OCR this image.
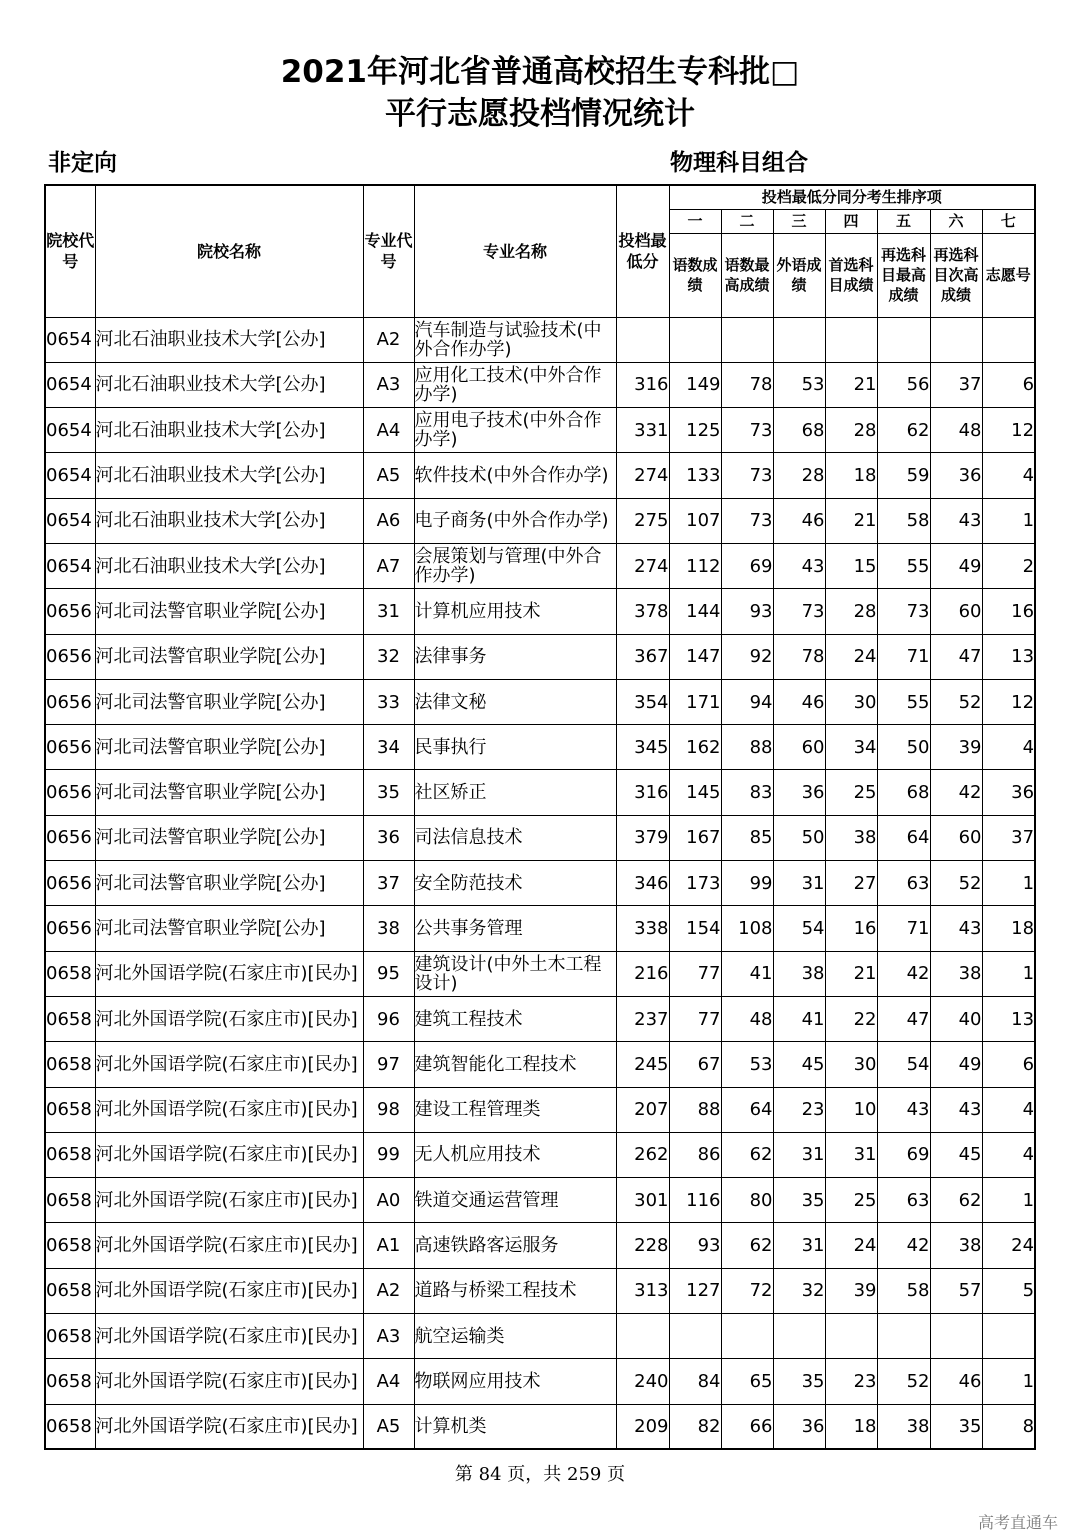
2021年河北省普通高校招生专科批□
平行志愿投档情况统计
非定向	物理科目组合
院校代号	院校名称	专业代号	专业名称	投档最低分	投档最低分同分考生排序项						
					一	二	三	四	五	六	七
					语数成绩	语数最高成绩	外语成绩	首选科目成绩	再选科目最高成绩	再选科目次高成绩	志愿号
0654	河北石油职业技术大学[公办]	A2	汽车制造与试验技术(中外合作办学)								
0654	河北石油职业技术大学[公办]	A3	应用化工技术(中外合作办学)	316	149	78	53	21	56	37	6
0654	河北石油职业技术大学[公办]	A4	应用电子技术(中外合作办学)	331	125	73	68	28	62	48	12
0654	河北石油职业技术大学[公办]	A5	软件技术(中外合作办学)	274	133	73	28	18	59	36	4
0654	河北石油职业技术大学[公办]	A6	电子商务(中外合作办学)	275	107	73	46	21	58	43	1
0654	河北石油职业技术大学[公办]	A7	会展策划与管理(中外合作办学)	274	112	69	43	15	55	49	2
0656	河北司法警官职业学院[公办]	31	计算机应用技术	378	144	93	73	28	73	60	16
0656	河北司法警官职业学院[公办]	32	法律事务	367	147	92	78	24	71	47	13
0656	河北司法警官职业学院[公办]	33	法律文秘	354	171	94	46	30	55	52	12
0656	河北司法警官职业学院[公办]	34	民事执行	345	162	88	60	34	50	39	4
0656	河北司法警官职业学院[公办]	35	社区矫正	316	145	83	36	25	68	42	36
0656	河北司法警官职业学院[公办]	36	司法信息技术	379	167	85	50	38	64	60	37
0656	河北司法警官职业学院[公办]	37	安全防范技术	346	173	99	31	27	63	52	1
0656	河北司法警官职业学院[公办]	38	公共事务管理	338	154	108	54	16	71	43	18
0658	河北外国语学院(石家庄市)[民办]	95	建筑设计(中外土木工程设计)	216	77	41	38	21	42	38	1
0658	河北外国语学院(石家庄市)[民办]	96	建筑工程技术	237	77	48	41	22	47	40	13
0658	河北外国语学院(石家庄市)[民办]	97	建筑智能化工程技术	245	67	53	45	30	54	49	6
0658	河北外国语学院(石家庄市)[民办]	98	建设工程管理类	207	88	64	23	10	43	43	4
0658	河北外国语学院(石家庄市)[民办]	99	无人机应用技术	262	86	62	31	31	69	45	4
0658	河北外国语学院(石家庄市)[民办]	A0	铁道交通运营管理	301	116	80	35	25	63	62	1
0658	河北外国语学院(石家庄市)[民办]	A1	高速铁路客运服务	228	93	62	31	24	42	38	24
0658	河北外国语学院(石家庄市)[民办]	A2	道路与桥梁工程技术	313	127	72	32	39	58	57	5
0658	河北外国语学院(石家庄市)[民办]	A3	航空运输类								
0658	河北外国语学院(石家庄市)[民办]	A4	物联网应用技术	240	84	65	35	23	52	46	1
0658	河北外国语学院(石家庄市)[民办]	A5	计算机类	209	82	66	36	18	38	35	8
第 84 页，共 259 页
高考直通车
